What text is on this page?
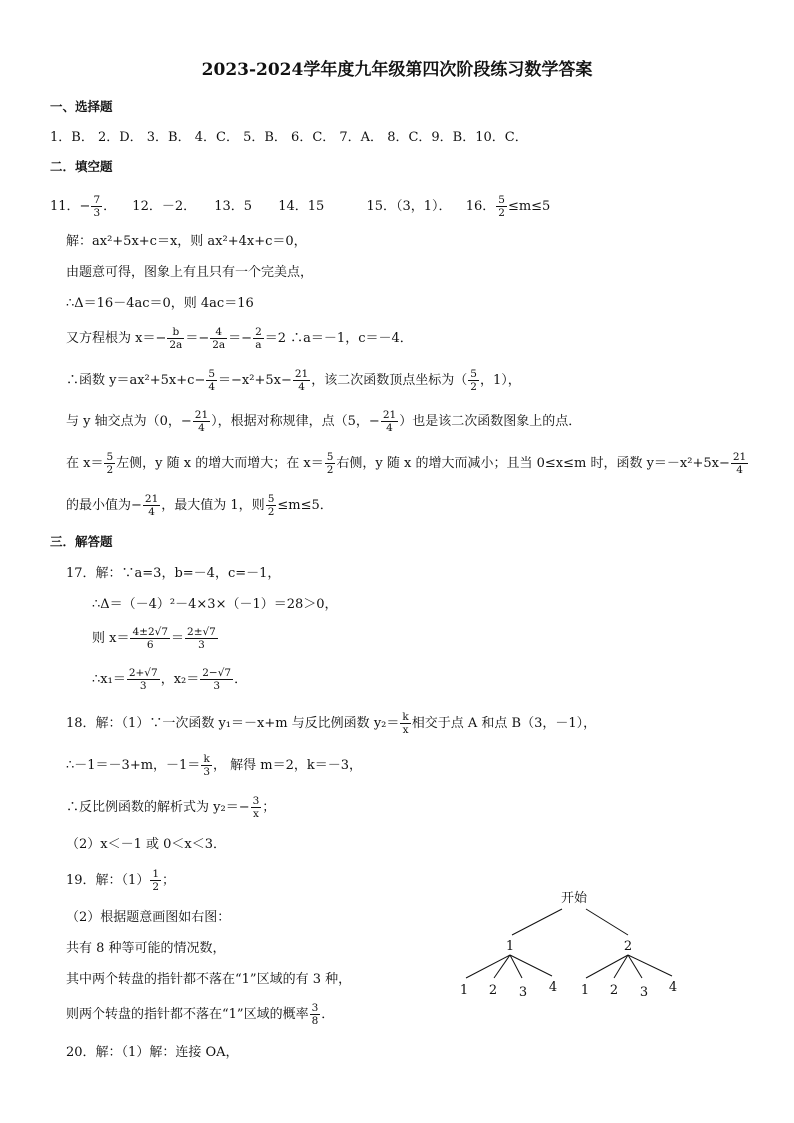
2023-2024学年度九年级第四次阶段练习数学答案
一、选择题
1．B． 2．D． 3．B． 4．C． 5．B． 6．C． 7．A． 8．C．9．B．10．C．
二．填空题
11．− $\frac{7}{3}$ ． 12．－2． 13．5 14．15	15．（3，1）． 16． $\frac{5}{2} \le m\le 5$
解：ax²+5x+c＝x，则 ax²+4x+c＝0，
由题意可得，图象上有且只有一个完美点，
∴Δ＝16－4ac＝0，则 4ac＝16
又方程根为 $x=- \frac{b}{2a} =- \frac{4}{2a} =- \frac{2}{a} =2$ ∴a＝－1，c＝－4．
∴函数 $y=ax^2+5x+c- \frac{5}{4} =-x^2+5x- \frac{21}{4}$ ，该二次函数顶点坐标为（ $\frac{5}{2}$ ，1），
与 y 轴交点为（0，− $\frac{21}{4}$ ），根据对称规律，点（5，− $\frac{21}{4}$ ）也是该二次函数图象上的点．
在 $x= \frac{5}{2}$ 左侧，y 随 x 的增大而增大；在 $x= \frac{5}{2}$ 右侧，y 随 x 的增大而减小；且当 0≤x≤m 时，函数 $y=-x^2+5x- \frac{21}{4}$
的最小值为− $\frac{21}{4}$ ，最大值为 1，则 $\frac{5}{2} \le m\le 5$．
三．解答题
17．解：∵a=3，b=－4，c=－1，
∴Δ＝（－4）²－4×3×（－1）＝28＞0，
则 $x= \frac{4\pm 2√7}{6} = \frac{2\pm√7}{3}$
∴x₁＝ $\frac{2+√7}{3}$ ，$x_2= \frac{2-√7}{3}$ ．
18．解：（1）∵一次函数 y₁＝－x+m 与反比例函数 $y_2= \frac{k}{x}$ 相交于点 A 和点 B（3，－1），
∴－1＝－3+m，$-1= \frac{k}{3}$ ， 解得 m＝2，k＝－3，
∴反比例函数的解析式为 $y_2=- \frac{3}{x}$ ；
（2）x＜－1 或 0＜x＜3．
19．解：$(1) \frac{1}{2}$ ；
（2）根据题意画图如右图：
共有 8 种等可能的情况数，
其中两个转盘的指针都不落在“1”区域的有 3 种，
则两个转盘的指针都不落在“1”区域的概率 $\frac{3}{8}$ ．
开始
1	2
1 2 3 4 1 2 3 4
20．解：（1）解：连接 OA，
